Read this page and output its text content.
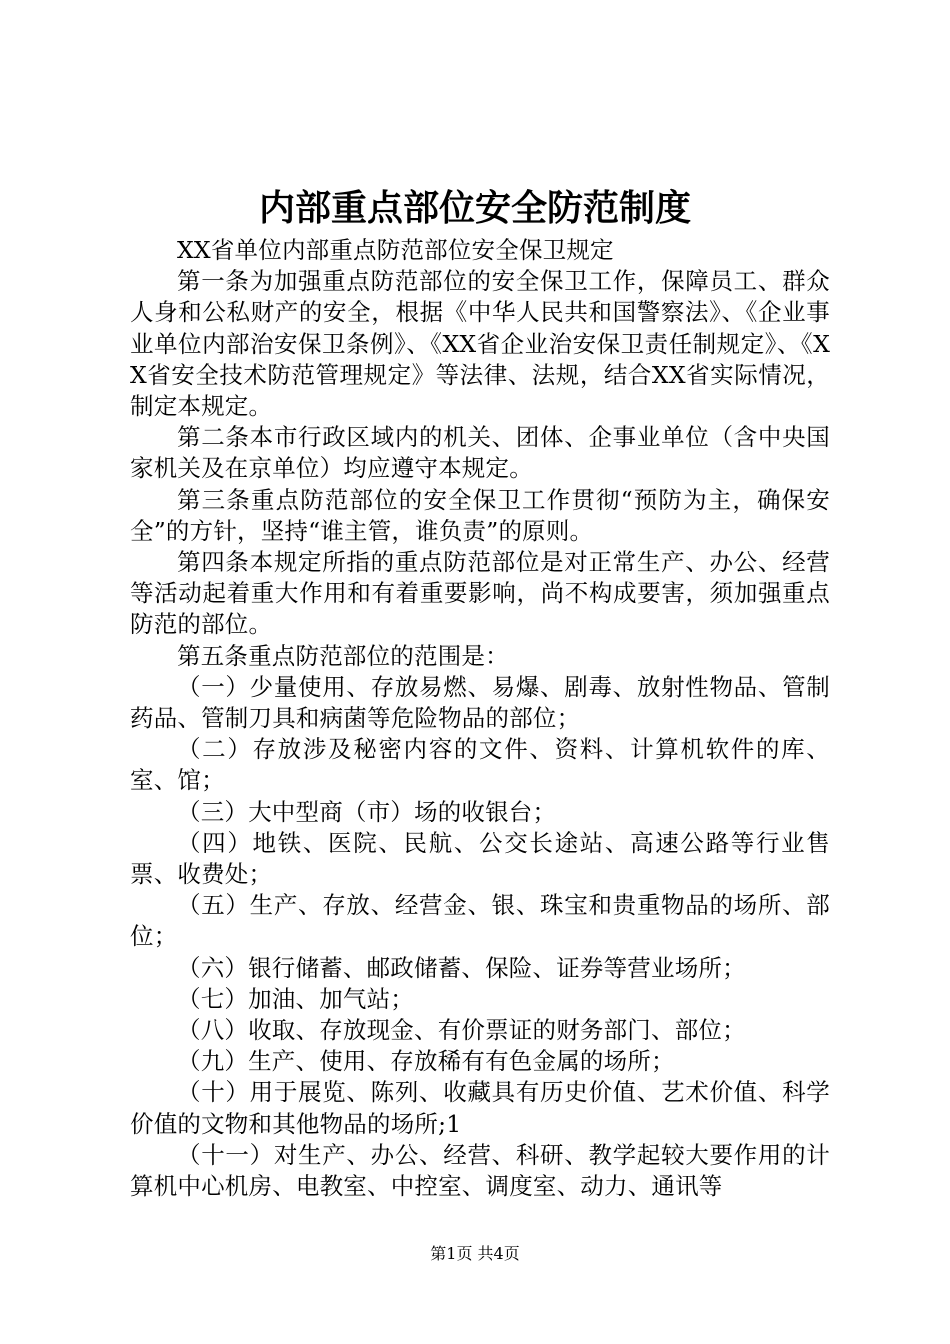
内部重点部位安全防范制度

XX省单位内部重点防范部位安全保卫规定

第一条为加强重点防范部位的安全保卫工作，保障员工、群众人身和公私财产的安全，根据《中华人民共和国警察法》、《企业事业单位内部治安保卫条例》、《XX省企业治安保卫责任制规定》、《XX省安全技术防范管理规定》等法律、法规，结合XX省实际情况，制定本规定。

第二条本市行政区域内的机关、团体、企事业单位（含中央国家机关及在京单位）均应遵守本规定。

第三条重点防范部位的安全保卫工作贯彻“预防为主，确保安全”的方针，坚持“谁主管，谁负责”的原则。

第四条本规定所指的重点防范部位是对正常生产、办公、经营等活动起着重大作用和有着重要影响，尚不构成要害，须加强重点防范的部位。

第五条重点防范部位的范围是：

（一）少量使用、存放易燃、易爆、剧毒、放射性物品、管制药品、管制刀具和病菌等危险物品的部位；

（二）存放涉及秘密内容的文件、资料、计算机软件的库、室、馆；

（三）大中型商（市）场的收银台；

（四）地铁、医院、民航、公交长途站、高速公路等行业售票、收费处；

（五）生产、存放、经营金、银、珠宝和贵重物品的场所、部位；

（六）银行储蓄、邮政储蓄、保险、证券等营业场所；

（七）加油、加气站；

（八）收取、存放现金、有价票证的财务部门、部位；

（九）生产、使用、存放稀有有色金属的场所；

（十）用于展览、陈列、收藏具有历史价值、艺术价值、科学价值的文物和其他物品的场所;1

（十一）对生产、办公、经营、科研、教学起较大要作用的计算机中心机房、电教室、中控室、调度室、动力、通讯等

第1页 共4页
